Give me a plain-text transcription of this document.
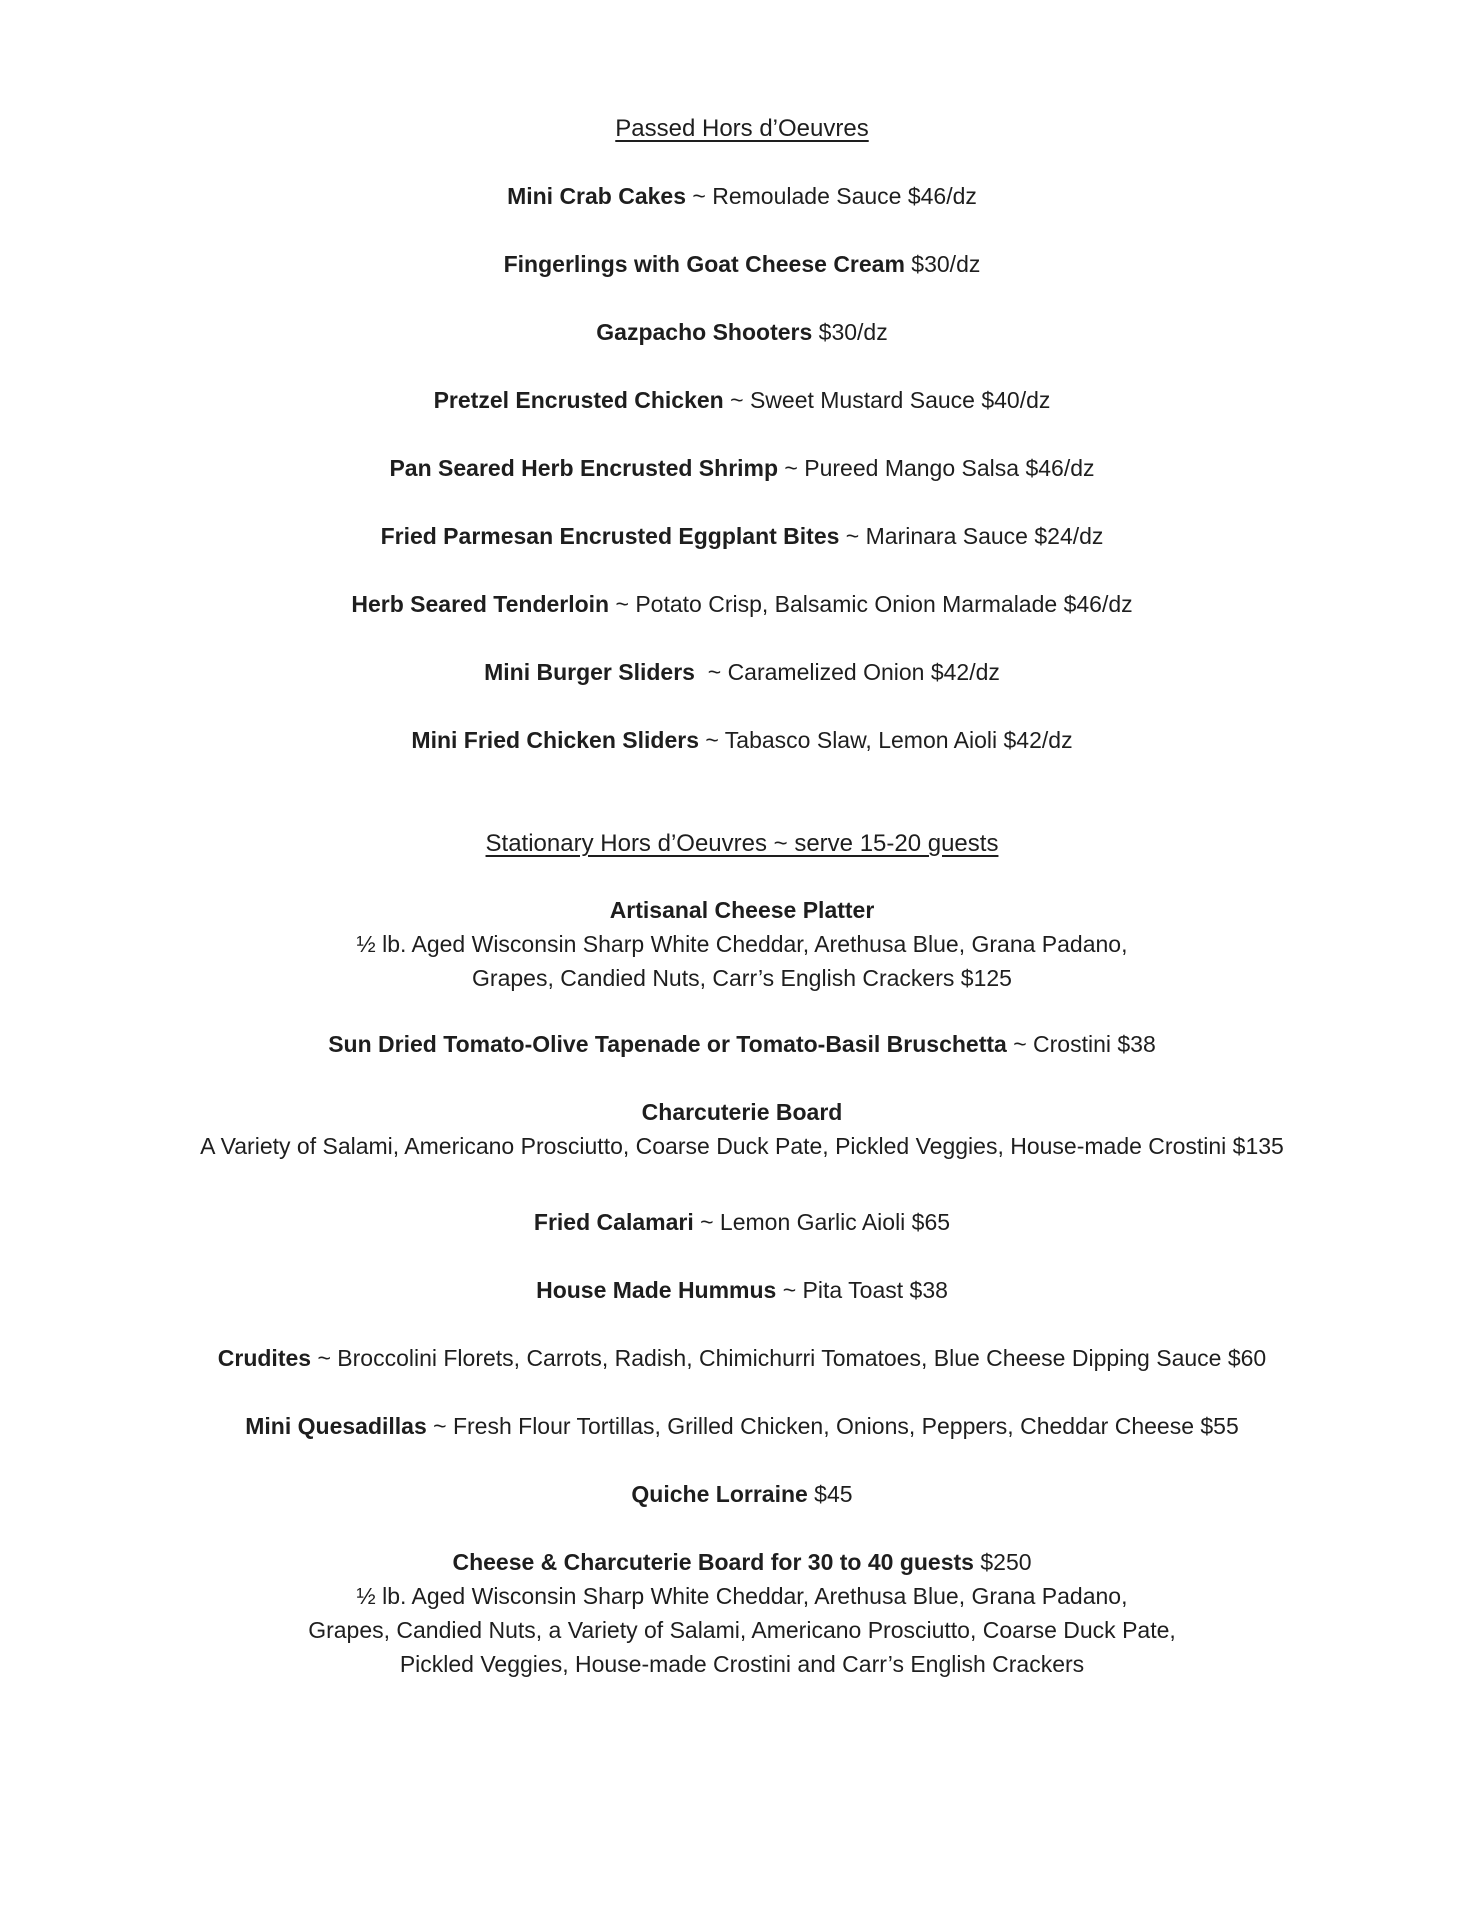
Passed Hors d’Oeuvres
Mini Crab Cakes ~ Remoulade Sauce $46/dz
Fingerlings with Goat Cheese Cream $30/dz
Gazpacho Shooters $30/dz
Pretzel Encrusted Chicken ~ Sweet Mustard Sauce $40/dz
Pan Seared Herb Encrusted Shrimp ~ Pureed Mango Salsa $46/dz
Fried Parmesan Encrusted Eggplant Bites ~ Marinara Sauce $24/dz
Herb Seared Tenderloin ~ Potato Crisp, Balsamic Onion Marmalade $46/dz
Mini Burger Sliders  ~ Caramelized Onion $42/dz
Mini Fried Chicken Sliders ~ Tabasco Slaw, Lemon Aioli $42/dz
Stationary Hors d’Oeuvres ~ serve 15-20 guests
Artisanal Cheese Platter
½ lb. Aged Wisconsin Sharp White Cheddar, Arethusa Blue, Grana Padano,
Grapes, Candied Nuts, Carr’s English Crackers $125
Sun Dried Tomato-Olive Tapenade or Tomato-Basil Bruschetta ~ Crostini $38
Charcuterie Board
A Variety of Salami, Americano Prosciutto, Coarse Duck Pate, Pickled Veggies, House-made Crostini $135
Fried Calamari ~ Lemon Garlic Aioli $65
House Made Hummus ~ Pita Toast $38
Crudites ~ Broccolini Florets, Carrots, Radish, Chimichurri Tomatoes, Blue Cheese Dipping Sauce $60
Mini Quesadillas ~ Fresh Flour Tortillas, Grilled Chicken, Onions, Peppers, Cheddar Cheese $55
Quiche Lorraine $45
Cheese & Charcuterie Board for 30 to 40 guests $250
½ lb. Aged Wisconsin Sharp White Cheddar, Arethusa Blue, Grana Padano,
Grapes, Candied Nuts, a Variety of Salami, Americano Prosciutto, Coarse Duck Pate,
Pickled Veggies, House-made Crostini and Carr’s English Crackers
